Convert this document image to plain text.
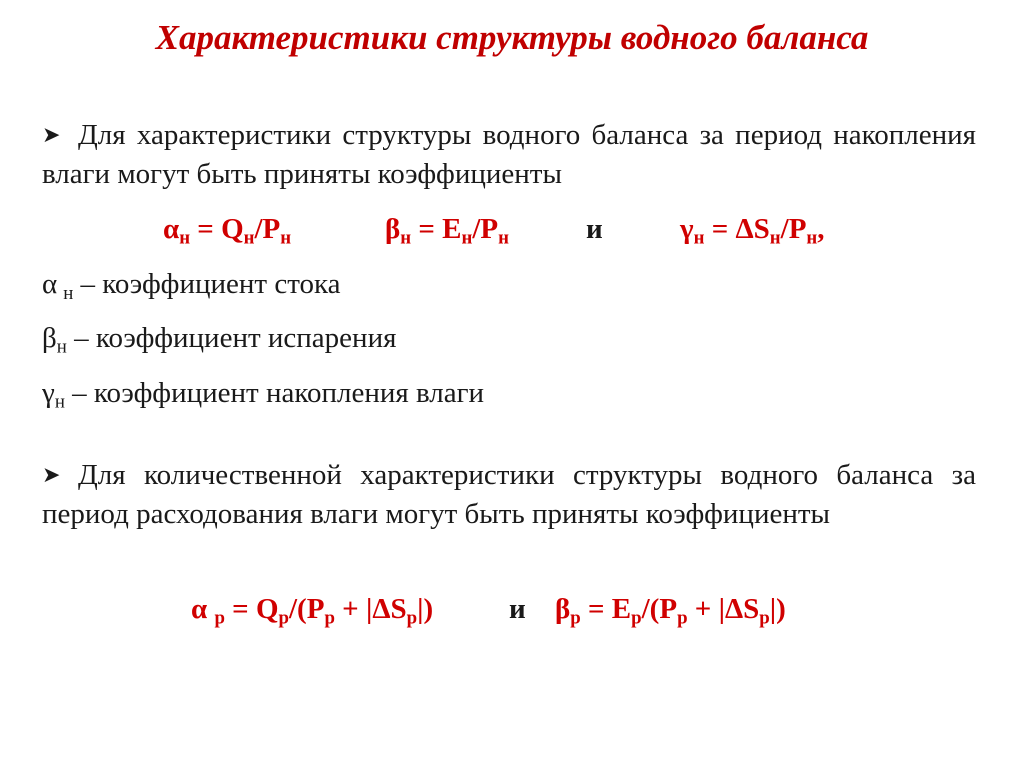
Характеристики структуры водного баланса
➤ Для характеристики структуры водного баланса за период накопления влаги могут быть приняты коэффициенты
$\alpha_н = Q_н/P_н$	$\beta_н = E_н/P_н$	и	$\gamma_н = \Delta S_н/P_н$,
α $_н$ – коэффициент стока
$\beta_н$ – коэффициент испарения
$\gamma_н$ – коэффициент накопления влаги
➤ Для количественной характеристики структуры водного баланса за период расходования влаги могут быть приняты коэффициенты
α $_р = Q_р/(P_р + |\Delta S_р|)$	и $\beta_р = E_р/(P_р + |\Delta S_р|)$
